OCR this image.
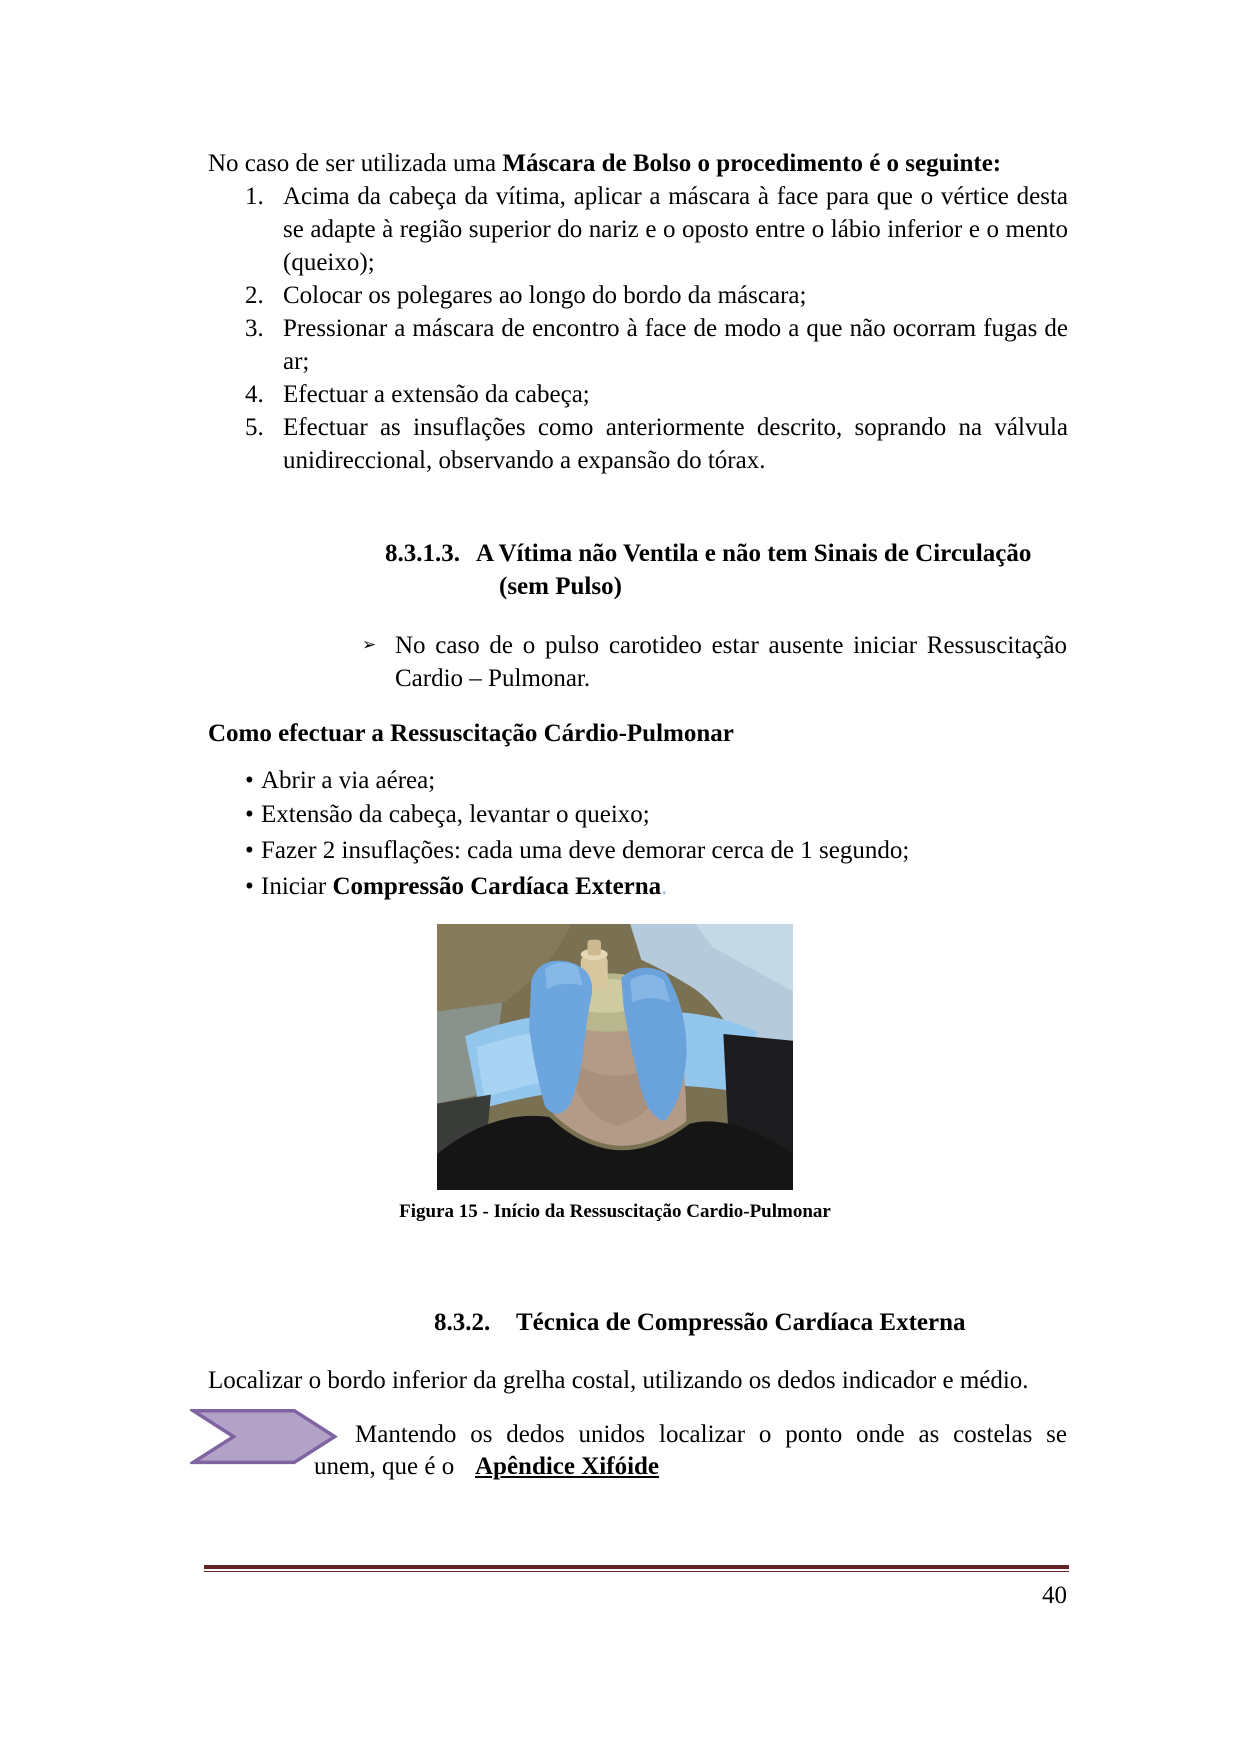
No caso de ser utilizada uma Máscara de Bolso o procedimento é o seguinte:
1. Acima da cabeça da vítima, aplicar a máscara à face para que o vértice desta
se adapte à região superior do nariz e o oposto entre o lábio inferior e o mento
(queixo);
2. Colocar os polegares ao longo do bordo da máscara;
3. Pressionar a máscara de encontro à face de modo a que não ocorram fugas de
ar;
4. Efectuar a extensão da cabeça;
5. Efectuar as insuflações como anteriormente descrito, soprando na válvula
unidireccional, observando a expansão do tórax.
8.3.1.3. A Vítima não Ventila e não tem Sinais de Circulação
(sem Pulso)
➢ No caso de o pulso carotideo estar ausente iniciar Ressuscitação
Cardio – Pulmonar.
Como efectuar a Ressuscitação Cárdio-Pulmonar
• Abrir a via aérea;
• Extensão da cabeça, levantar o queixo;
• Fazer 2 insuflações: cada uma deve demorar cerca de 1 segundo;
• Iniciar Compressão Cardíaca Externa.
Figura 15 - Início da Ressuscitação Cardio-Pulmonar
8.3.2. Técnica de Compressão Cardíaca Externa
Localizar o bordo inferior da grelha costal, utilizando os dedos indicador e médio.
Mantendo os dedos unidos localizar o ponto onde as costelas se
unem, que é o Apêndice Xifóide
40
